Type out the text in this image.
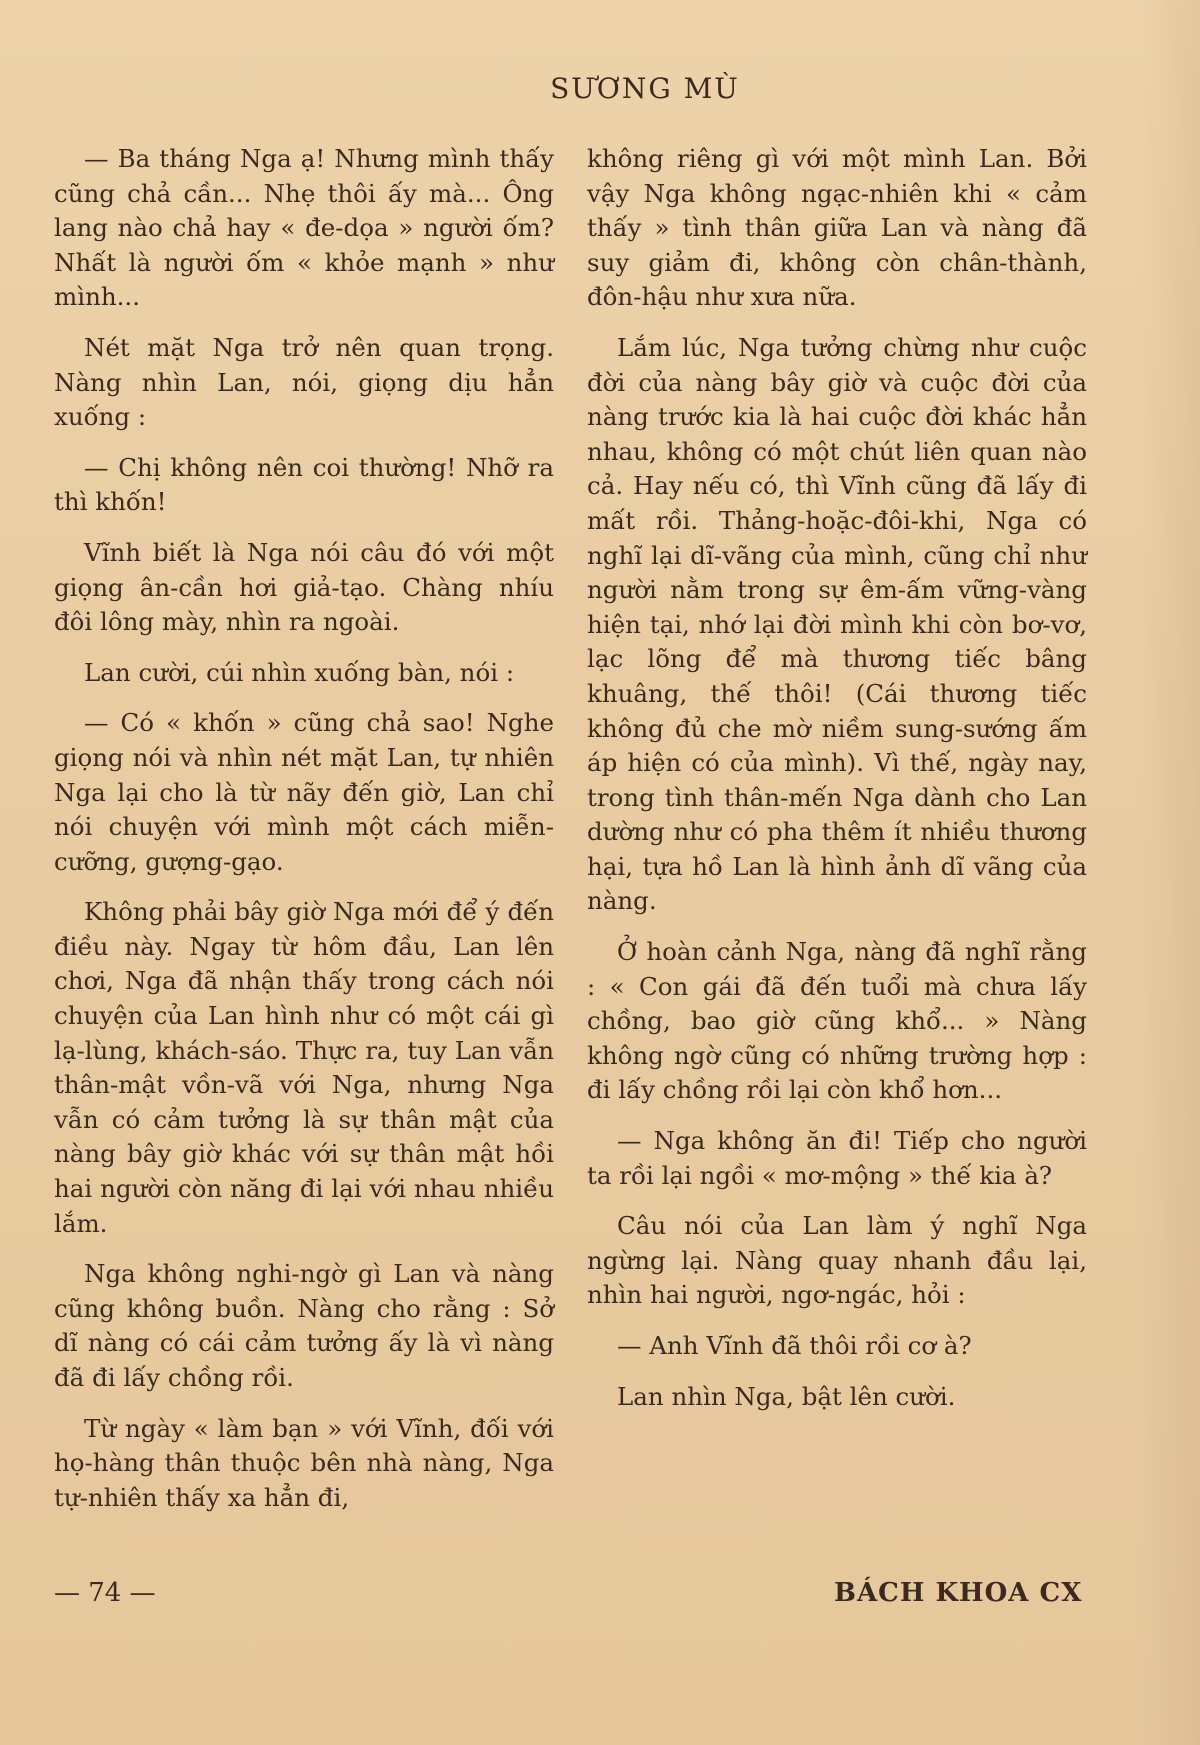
SƯƠNG MÙ

— Ba tháng Nga ạ! Nhưng mình thấy cũng chả cần... Nhẹ thôi ấy mà... Ông lang nào chả hay « đe-dọa » người ốm? Nhất là người ốm « khỏe mạnh » như mình...

Nét mặt Nga trở nên quan trọng. Nàng nhìn Lan, nói, giọng dịu hẳn xuống :

— Chị không nên coi thường! Nhỡ ra thì khốn!

Vĩnh biết là Nga nói câu đó với một giọng ân-cần hơi giả-tạo. Chàng nhíu đôi lông mày, nhìn ra ngoài.

Lan cười, cúi nhìn xuống bàn, nói :

— Có « khốn » cũng chả sao! Nghe giọng nói và nhìn nét mặt Lan, tự nhiên Nga lại cho là từ nãy đến giờ, Lan chỉ nói chuyện với mình một cách miễn-cưỡng, gượng-gạo.

Không phải bây giờ Nga mới để ý đến điều này. Ngay từ hôm đầu, Lan lên chơi, Nga đã nhận thấy trong cách nói chuyện của Lan hình như có một cái gì lạ-lùng, khách-sáo. Thực ra, tuy Lan vẫn thân-mật vồn-vã với Nga, nhưng Nga vẫn có cảm tưởng là sự thân mật của nàng bây giờ khác với sự thân mật hồi hai người còn năng đi lại với nhau nhiều lắm.

Nga không nghi-ngờ gì Lan và nàng cũng không buồn. Nàng cho rằng : Sở dĩ nàng có cái cảm tưởng ấy là vì nàng đã đi lấy chồng rồi.

Từ ngày « làm bạn » với Vĩnh, đối với họ-hàng thân thuộc bên nhà nàng, Nga tự-nhiên thấy xa hẳn đi,

không riêng gì với một mình Lan. Bởi vậy Nga không ngạc-nhiên khi « cảm thấy » tình thân giữa Lan và nàng đã suy giảm đi, không còn chân-thành, đôn-hậu như xưa nữa.

Lắm lúc, Nga tưởng chừng như cuộc đời của nàng bây giờ và cuộc đời của nàng trước kia là hai cuộc đời khác hẳn nhau, không có một chút liên quan nào cả. Hay nếu có, thì Vĩnh cũng đã lấy đi mất rồi. Thảng-hoặc-đôi-khi, Nga có nghĩ lại dĩ-vãng của mình, cũng chỉ như người nằm trong sự êm-ấm vững-vàng hiện tại, nhớ lại đời mình khi còn bơ-vơ, lạc lõng để mà thương tiếc bâng khuâng, thế thôi! (Cái thương tiếc không đủ che mờ niềm sung-sướng ấm áp hiện có của mình). Vì thế, ngày nay, trong tình thân-mến Nga dành cho Lan dường như có pha thêm ít nhiều thương hại, tựa hồ Lan là hình ảnh dĩ vãng của nàng.

Ở hoàn cảnh Nga, nàng đã nghĩ rằng : « Con gái đã đến tuổi mà chưa lấy chồng, bao giờ cũng khổ... » Nàng không ngờ cũng có những trường hợp : đi lấy chồng rồi lại còn khổ hơn...

— Nga không ăn đi! Tiếp cho người ta rồi lại ngồi « mơ-mộng » thế kia à?

Câu nói của Lan làm ý nghĩ Nga ngừng lại. Nàng quay nhanh đầu lại, nhìn hai người, ngơ-ngác, hỏi :

— Anh Vĩnh đã thôi rồi cơ à?

Lan nhìn Nga, bật lên cười.

— 74 —	BÁCH KHOA CX
